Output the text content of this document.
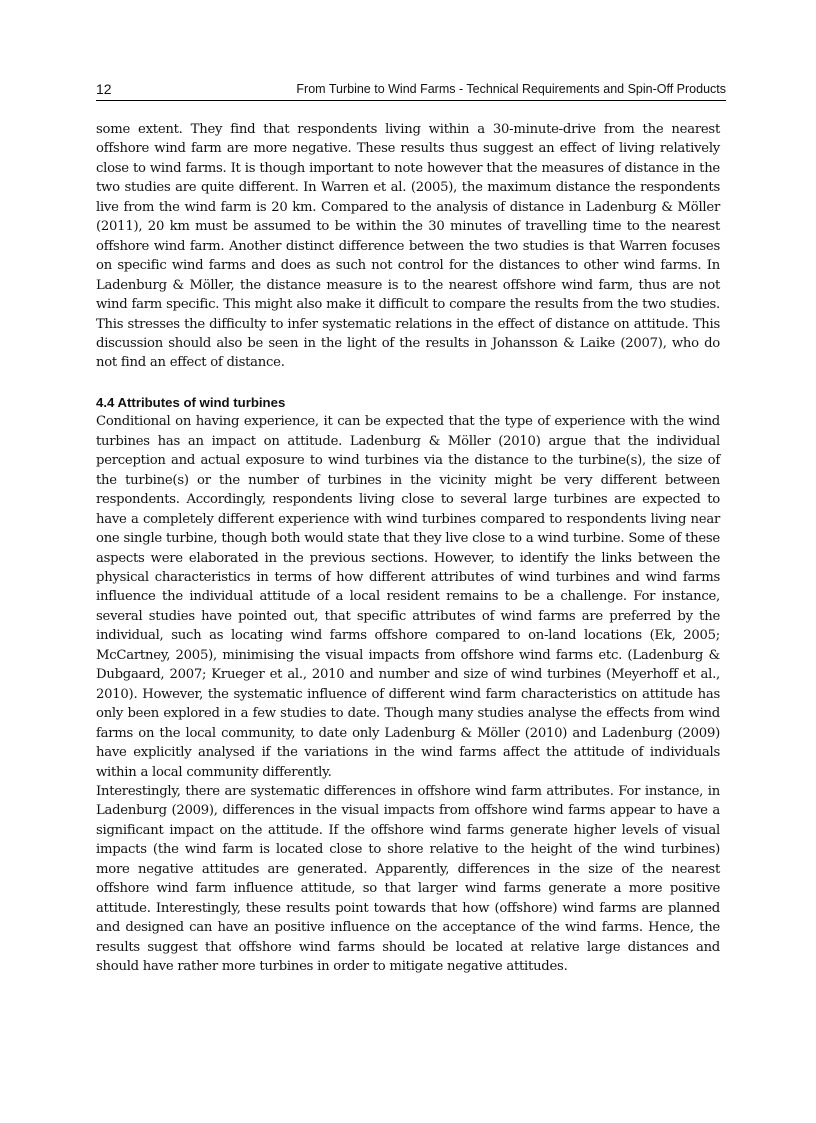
12	From Turbine to Wind Farms - Technical Requirements and Spin-Off Products

some extent. They find that respondents living within a 30-minute-drive from the nearest offshore wind farm are more negative. These results thus suggest an effect of living relatively close to wind farms. It is though important to note however that the measures of distance in the two studies are quite different. In Warren et al. (2005), the maximum distance the respondents live from the wind farm is 20 km. Compared to the analysis of distance in Ladenburg & Möller (2011), 20 km must be assumed to be within the 30 minutes of travelling time to the nearest offshore wind farm. Another distinct difference between the two studies is that Warren focuses on specific wind farms and does as such not control for the distances to other wind farms. In Ladenburg & Möller, the distance measure is to the nearest offshore wind farm, thus are not wind farm specific. This might also make it difficult to compare the results from the two studies. This stresses the difficulty to infer systematic relations in the effect of distance on attitude. This discussion should also be seen in the light of the results in Johansson & Laike (2007), who do not find an effect of distance.

4.4 Attributes of wind turbines

Conditional on having experience, it can be expected that the type of experience with the wind turbines has an impact on attitude. Ladenburg & Möller (2010) argue that the individual perception and actual exposure to wind turbines via the distance to the turbine(s), the size of the turbine(s) or the number of turbines in the vicinity might be very different between respondents. Accordingly, respondents living close to several large turbines are expected to have a completely different experience with wind turbines compared to respondents living near one single turbine, though both would state that they live close to a wind turbine. Some of these aspects were elaborated in the previous sections. However, to identify the links between the physical characteristics in terms of how different attributes of wind turbines and wind farms influence the individual attitude of a local resident remains to be a challenge. For instance, several studies have pointed out, that specific attributes of wind farms are preferred by the individual, such as locating wind farms offshore compared to on-land locations (Ek, 2005; McCartney, 2005), minimising the visual impacts from offshore wind farms etc. (Ladenburg & Dubgaard, 2007; Krueger et al., 2010 and number and size of wind turbines (Meyerhoff et al., 2010). However, the systematic influence of different wind farm characteristics on attitude has only been explored in a few studies to date. Though many studies analyse the effects from wind farms on the local community, to date only Ladenburg & Möller (2010) and Ladenburg (2009) have explicitly analysed if the variations in the wind farms affect the attitude of individuals within a local community differently.

Interestingly, there are systematic differences in offshore wind farm attributes. For instance, in Ladenburg (2009), differences in the visual impacts from offshore wind farms appear to have a significant impact on the attitude. If the offshore wind farms generate higher levels of visual impacts (the wind farm is located close to shore relative to the height of the wind turbines) more negative attitudes are generated. Apparently, differences in the size of the nearest offshore wind farm influence attitude, so that larger wind farms generate a more positive attitude. Interestingly, these results point towards that how (offshore) wind farms are planned and designed can have an positive influence on the acceptance of the wind farms. Hence, the results suggest that offshore wind farms should be located at relative large distances and should have rather more turbines in order to mitigate negative attitudes.
